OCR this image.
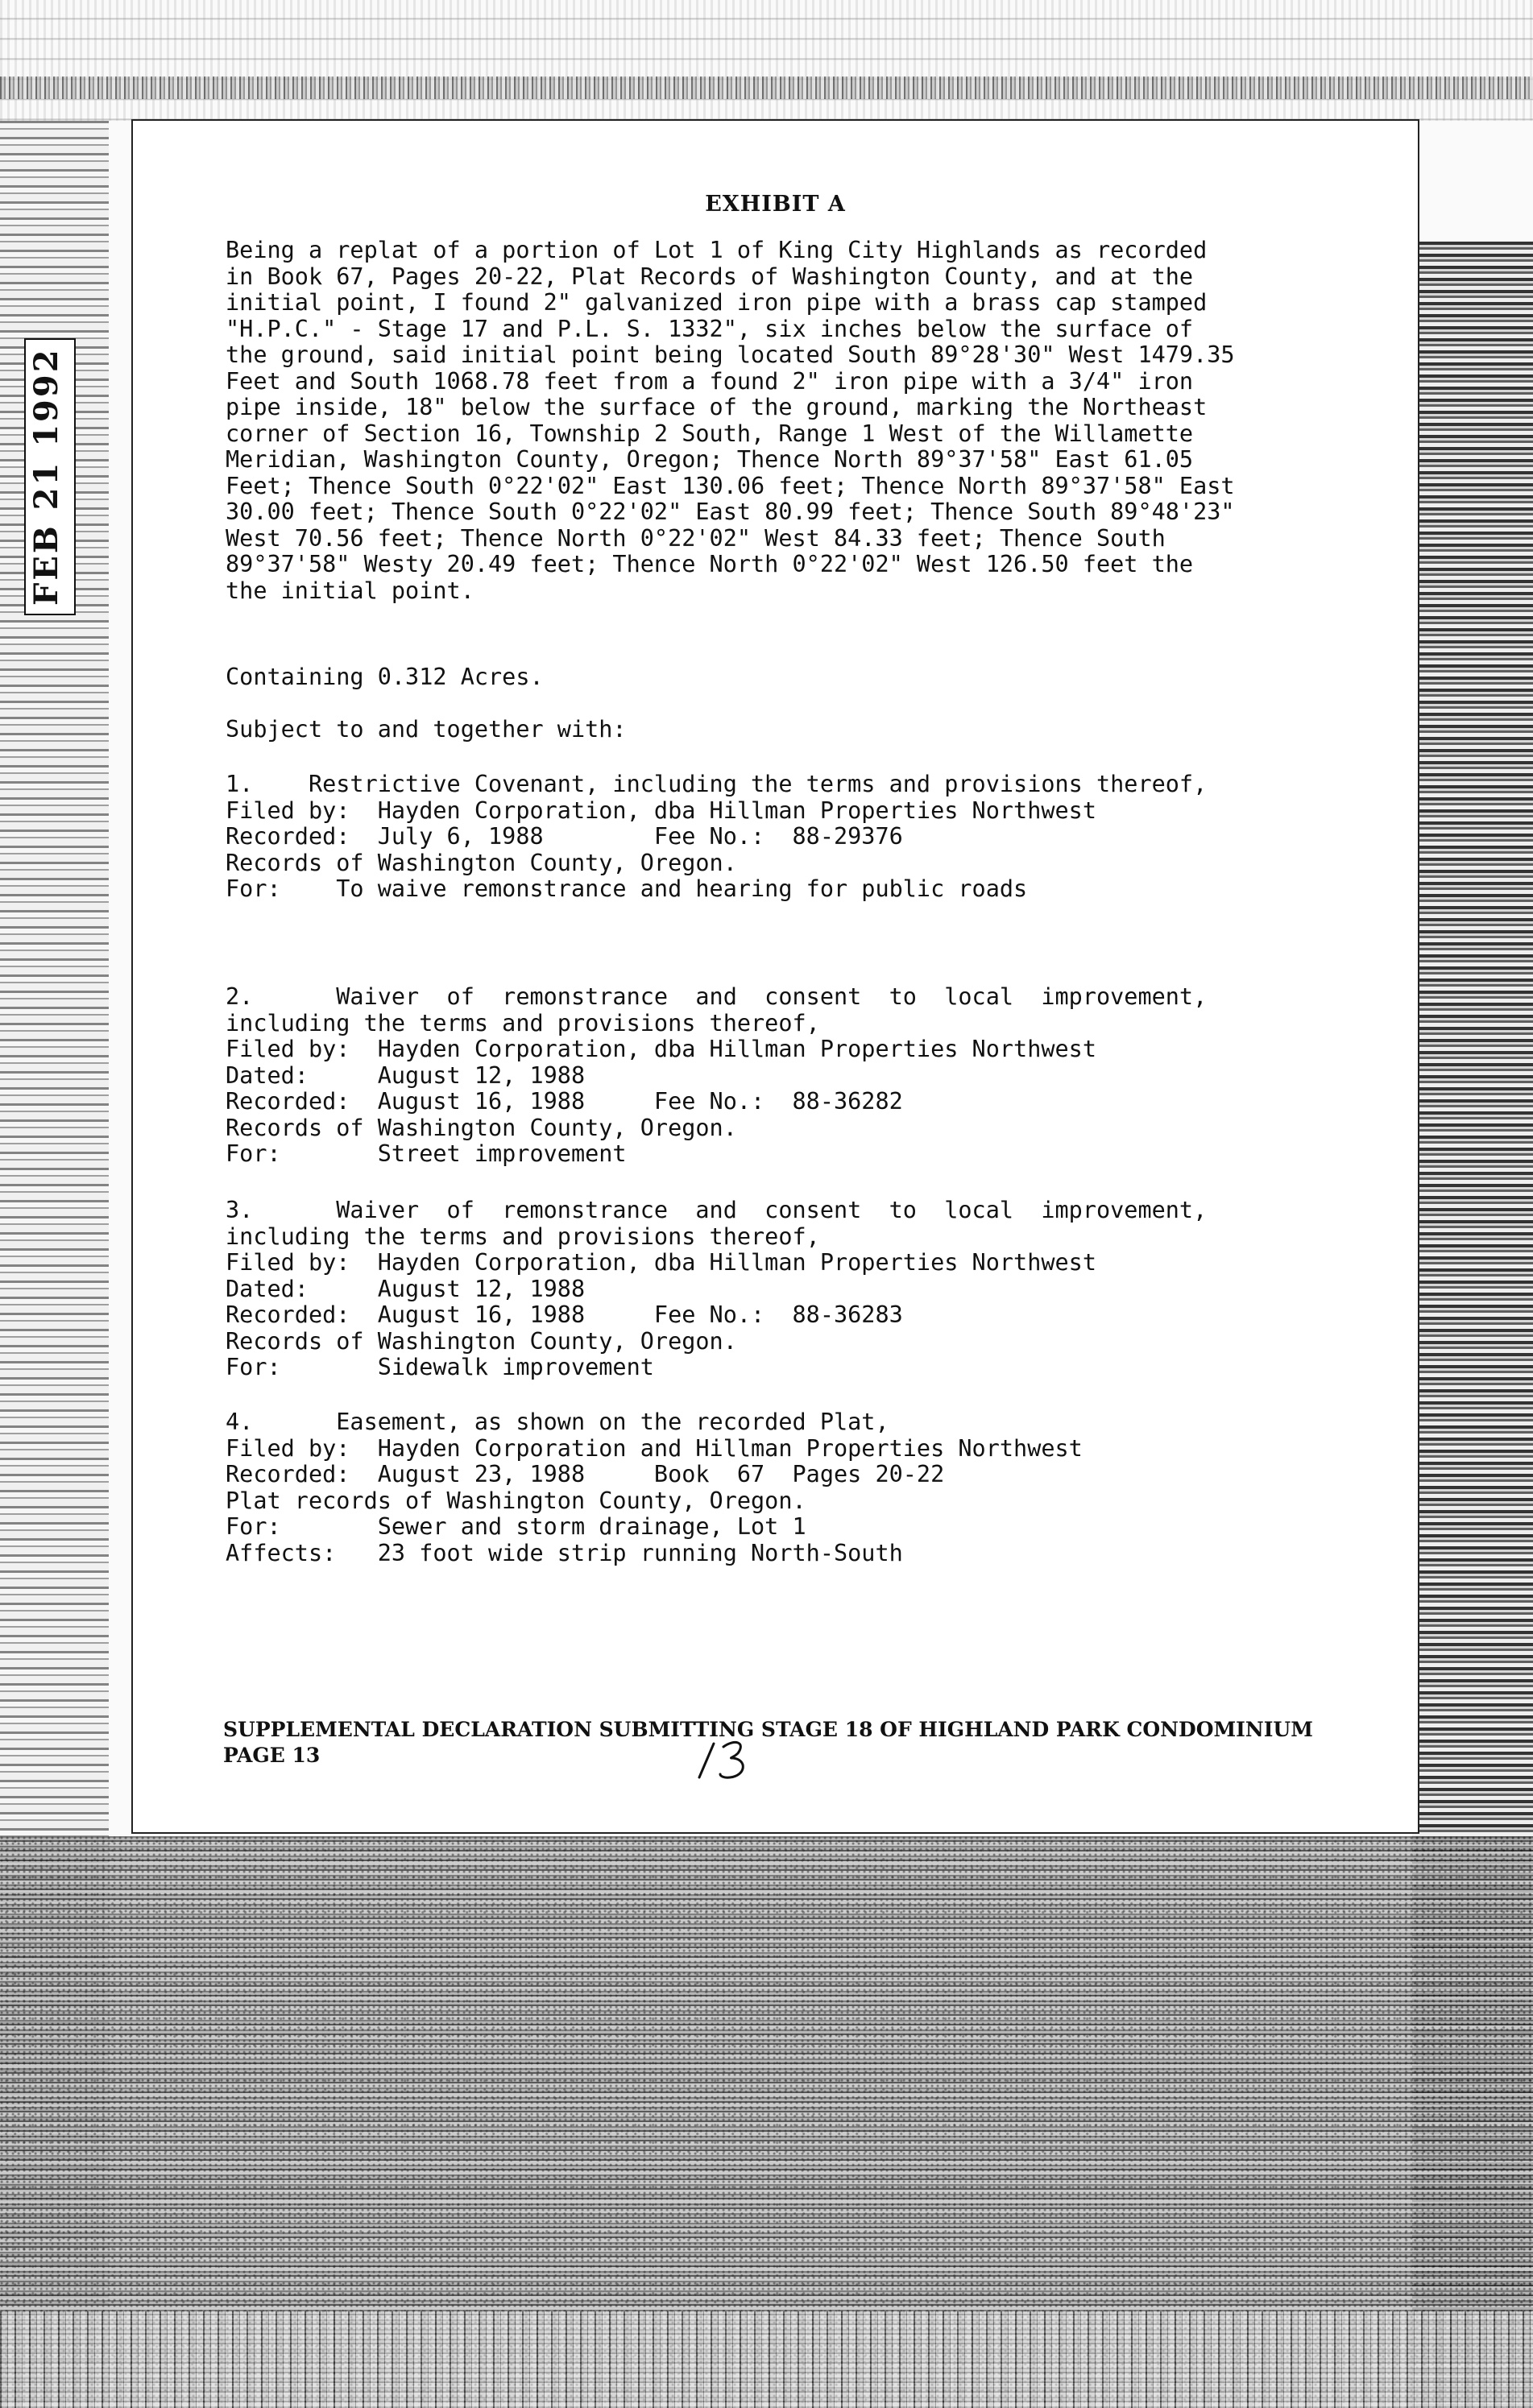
FEB 21 1992
EXHIBIT A
Being a replat of a portion of Lot 1 of King City Highlands as recorded
in Book 67, Pages 20-22, Plat Records of Washington County, and at the
initial point, I found 2" galvanized iron pipe with a brass cap stamped
"H.P.C." - Stage 17 and P.L. S. 1332", six inches below the surface of
the ground, said initial point being located South 89°28'30" West 1479.35
Feet and South 1068.78 feet from a found 2" iron pipe with a 3/4" iron
pipe inside, 18" below the surface of the ground, marking the Northeast
corner of Section 16, Township 2 South, Range 1 West of the Willamette
Meridian, Washington County, Oregon; Thence North 89°37'58" East 61.05
Feet; Thence South 0°22'02" East 130.06 feet; Thence North 89°37'58" East
30.00 feet; Thence South 0°22'02" East 80.99 feet; Thence South 89°48'23"
West 70.56 feet; Thence North 0°22'02" West 84.33 feet; Thence South
89°37'58" Westy 20.49 feet; Thence North 0°22'02" West 126.50 feet the
the initial point.
Containing 0.312 Acres.
Subject to and together with:
1.    Restrictive Covenant, including the terms and provisions thereof,
Filed by:  Hayden Corporation, dba Hillman Properties Northwest
Recorded:  July 6, 1988        Fee No.:  88-29376
Records of Washington County, Oregon.
For:    To waive remonstrance and hearing for public roads
2.      Waiver  of  remonstrance  and  consent  to  local  improvement,
including the terms and provisions thereof,
Filed by:  Hayden Corporation, dba Hillman Properties Northwest
Dated:     August 12, 1988
Recorded:  August 16, 1988     Fee No.:  88-36282
Records of Washington County, Oregon.
For:       Street improvement
3.      Waiver  of  remonstrance  and  consent  to  local  improvement,
including the terms and provisions thereof,
Filed by:  Hayden Corporation, dba Hillman Properties Northwest
Dated:     August 12, 1988
Recorded:  August 16, 1988     Fee No.:  88-36283
Records of Washington County, Oregon.
For:       Sidewalk improvement
4.      Easement, as shown on the recorded Plat,
Filed by:  Hayden Corporation and Hillman Properties Northwest
Recorded:  August 23, 1988     Book  67  Pages 20-22
Plat records of Washington County, Oregon.
For:       Sewer and storm drainage, Lot 1
Affects:   23 foot wide strip running North-South
SUPPLEMENTAL DECLARATION SUBMITTING STAGE 18 OF HIGHLAND PARK CONDOMINIUM
PAGE 13
